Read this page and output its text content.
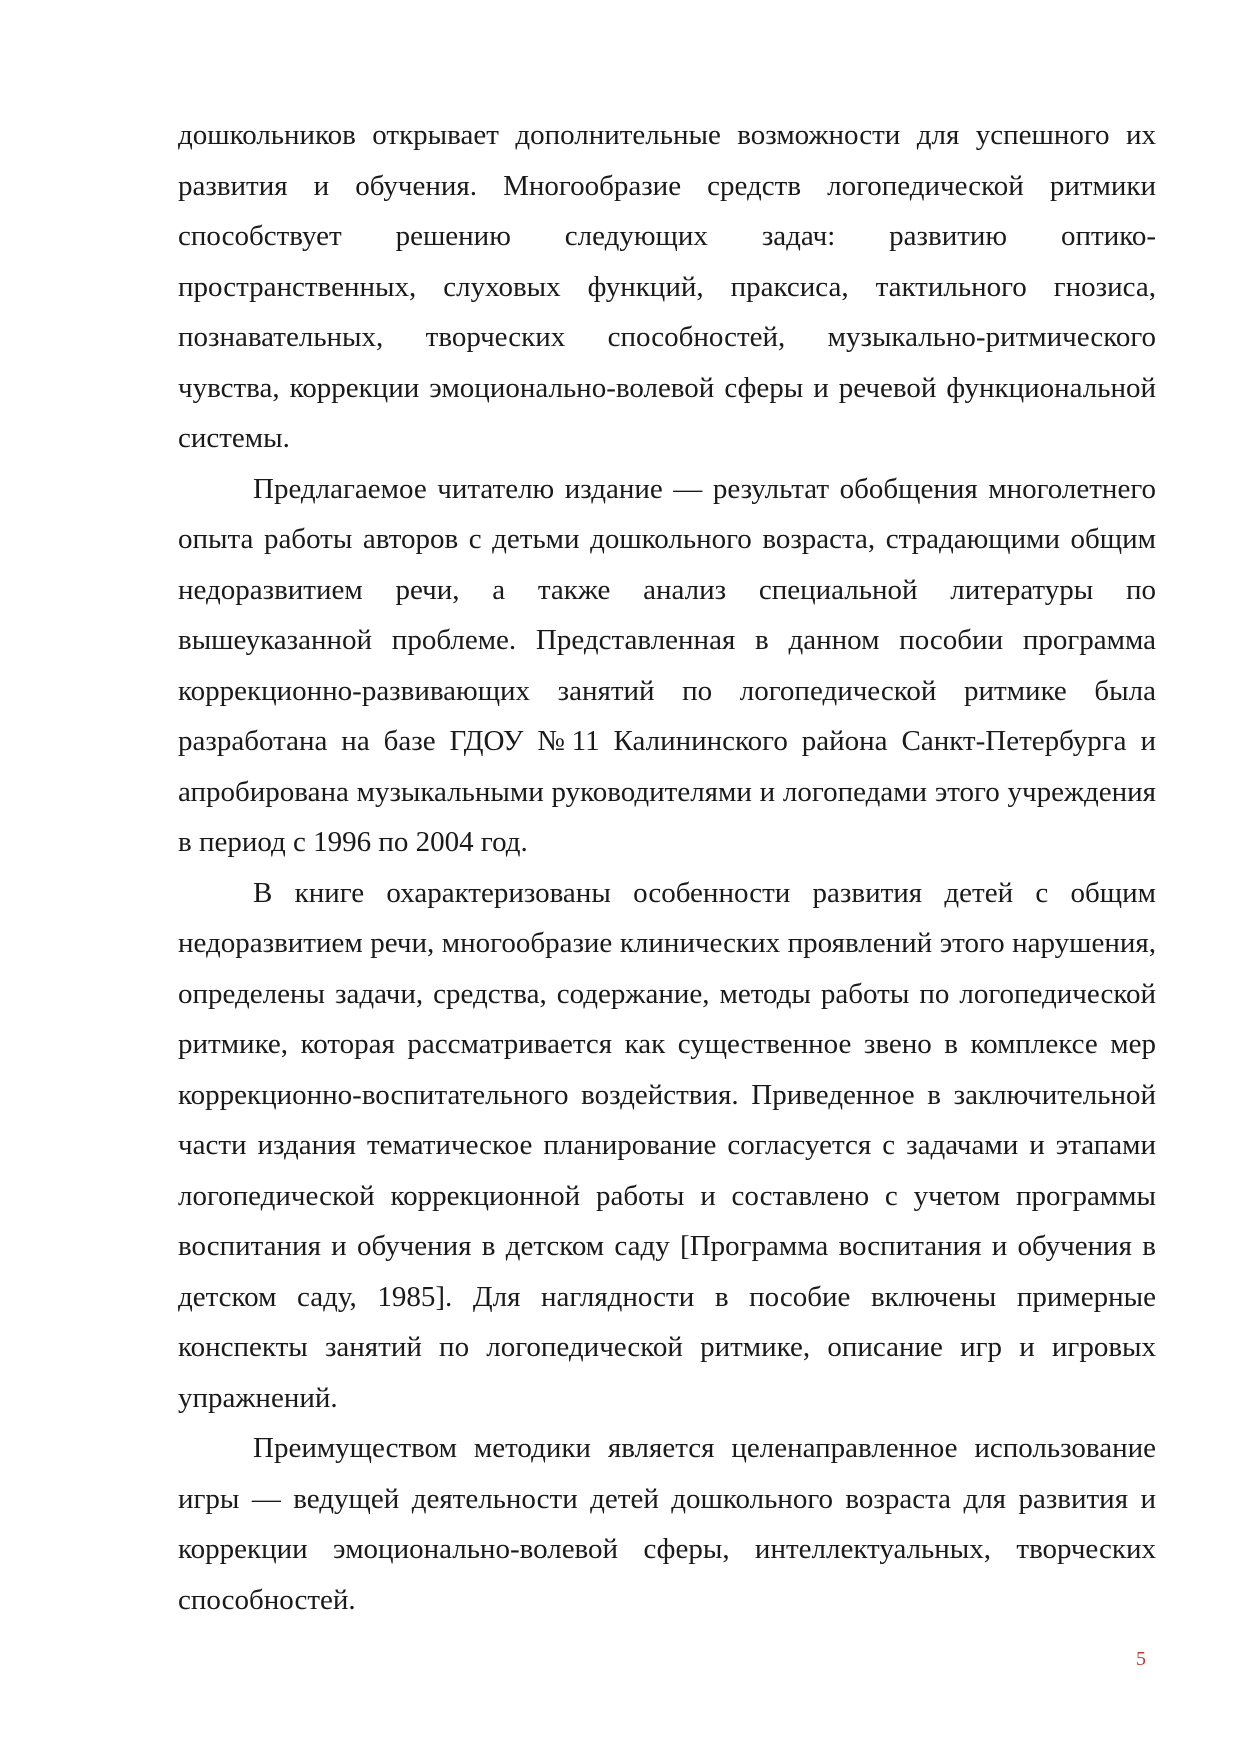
дошкольников открывает дополнительные возможности для успешного их развития и обучения. Многообразие средств логопедической ритмики способствует решению следующих задач: развитию оптико-пространственных, слуховых функций, праксиса, тактильного гнозиса, познавательных, творческих способностей, музыкально-ритмического чувства, коррекции эмоционально-волевой сферы и речевой функциональной системы.

Предлагаемое читателю издание — результат обобщения многолетнего опыта работы авторов с детьми дошкольного возраста, страдающими общим недоразвитием речи, а также анализ специальной литературы по вышеуказанной проблеме. Представленная в данном пособии программа коррекционно-развивающих занятий по логопедической ритмике была разработана на базе ГДОУ №11 Калининского района Санкт-Петербурга и апробирована музыкальными руководителями и логопедами этого учреждения в период с 1996 по 2004 год.

В книге охарактеризованы особенности развития детей с общим недоразвитием речи, многообразие клинических проявлений этого нарушения, определены задачи, средства, содержание, методы работы по логопедической ритмике, которая рассматривается как существенное звено в комплексе мер коррекционно-воспитательного воздействия. Приведенное в заключительной части издания тематическое планирование согласуется с задачами и этапами логопедической коррекционной работы и составлено с учетом программы воспитания и обучения в детском саду [Программа воспитания и обучения в детском саду, 1985]. Для наглядности в пособие включены примерные конспекты занятий по логопедической ритмике, описание игр и игровых упражнений.

Преимуществом методики является целенаправленное использование игры — ведущей деятельности детей дошкольного возраста для развития и коррекции эмоционально-волевой сферы, интеллектуальных, творческих способностей.

5
